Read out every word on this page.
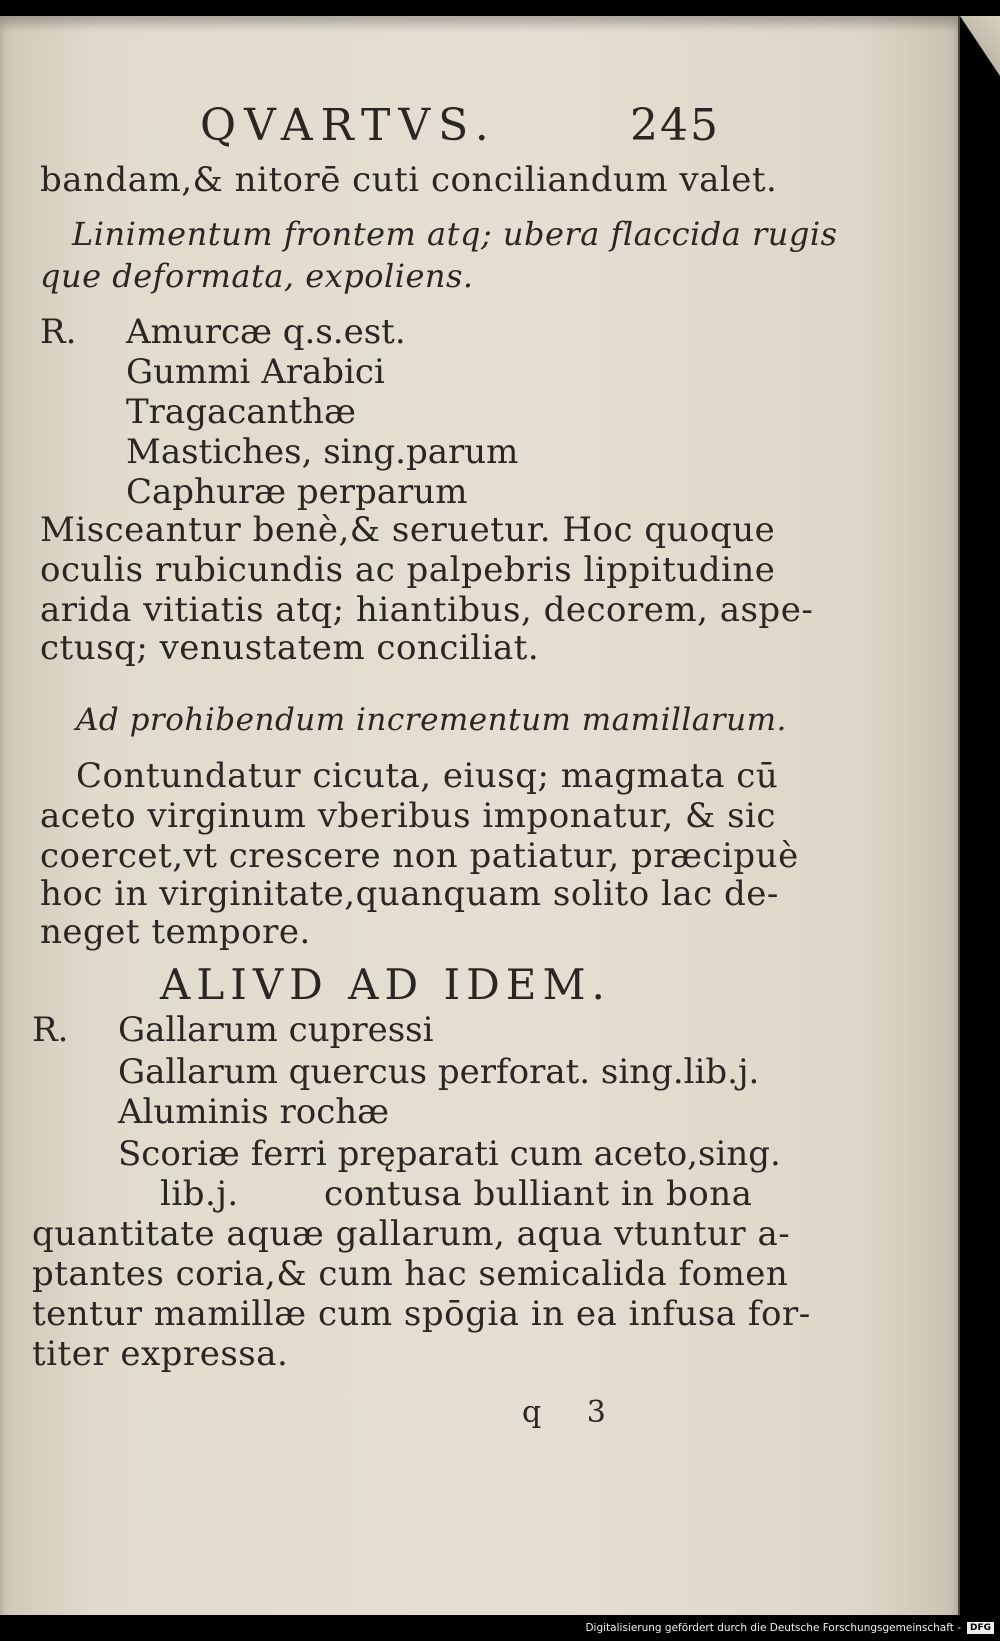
QVARTVS.	245
bandam,& nitorē cuti conciliandum valet.
Linimentum frontem atq; ubera flaccida rugis
que deformata, expoliens.
R. Amurcæ q.s.est.
Gummi Arabici
Tragacanthæ
Mastiches, sing.parum
Caphuræ perparum
Misceantur benè,& seruetur. Hoc quoque
oculis rubicundis ac palpebris lippitudine
arida vitiatis atq; hiantibus, decorem, aspe-
ctusq; venustatem conciliat.
Ad prohibendum incrementum mamillarum.
Contundatur cicuta, eiusq; magmata cū
aceto virginum vberibus imponatur, & sic
coercet,vt crescere non patiatur, præcipuè
hoc in virginitate,quanquam solito lac de-
neget tempore.
ALIVD AD IDEM.
R. Gallarum cupressi
Gallarum quercus perforat. sing.lib.j.
Aluminis rochæ
Scoriæ ferri pręparati cum aceto,sing.
lib.j.	contusa bulliant in bona
quantitate aquæ gallarum, aqua vtuntur a-
ptantes coria,& cum hac semicalida fomen
tentur mamillæ cum spōgia in ea infusa for-
titer expressa.
q 3
Digitalisierung gefördert durch die Deutsche Forschungsgemeinschaft -	DFG
